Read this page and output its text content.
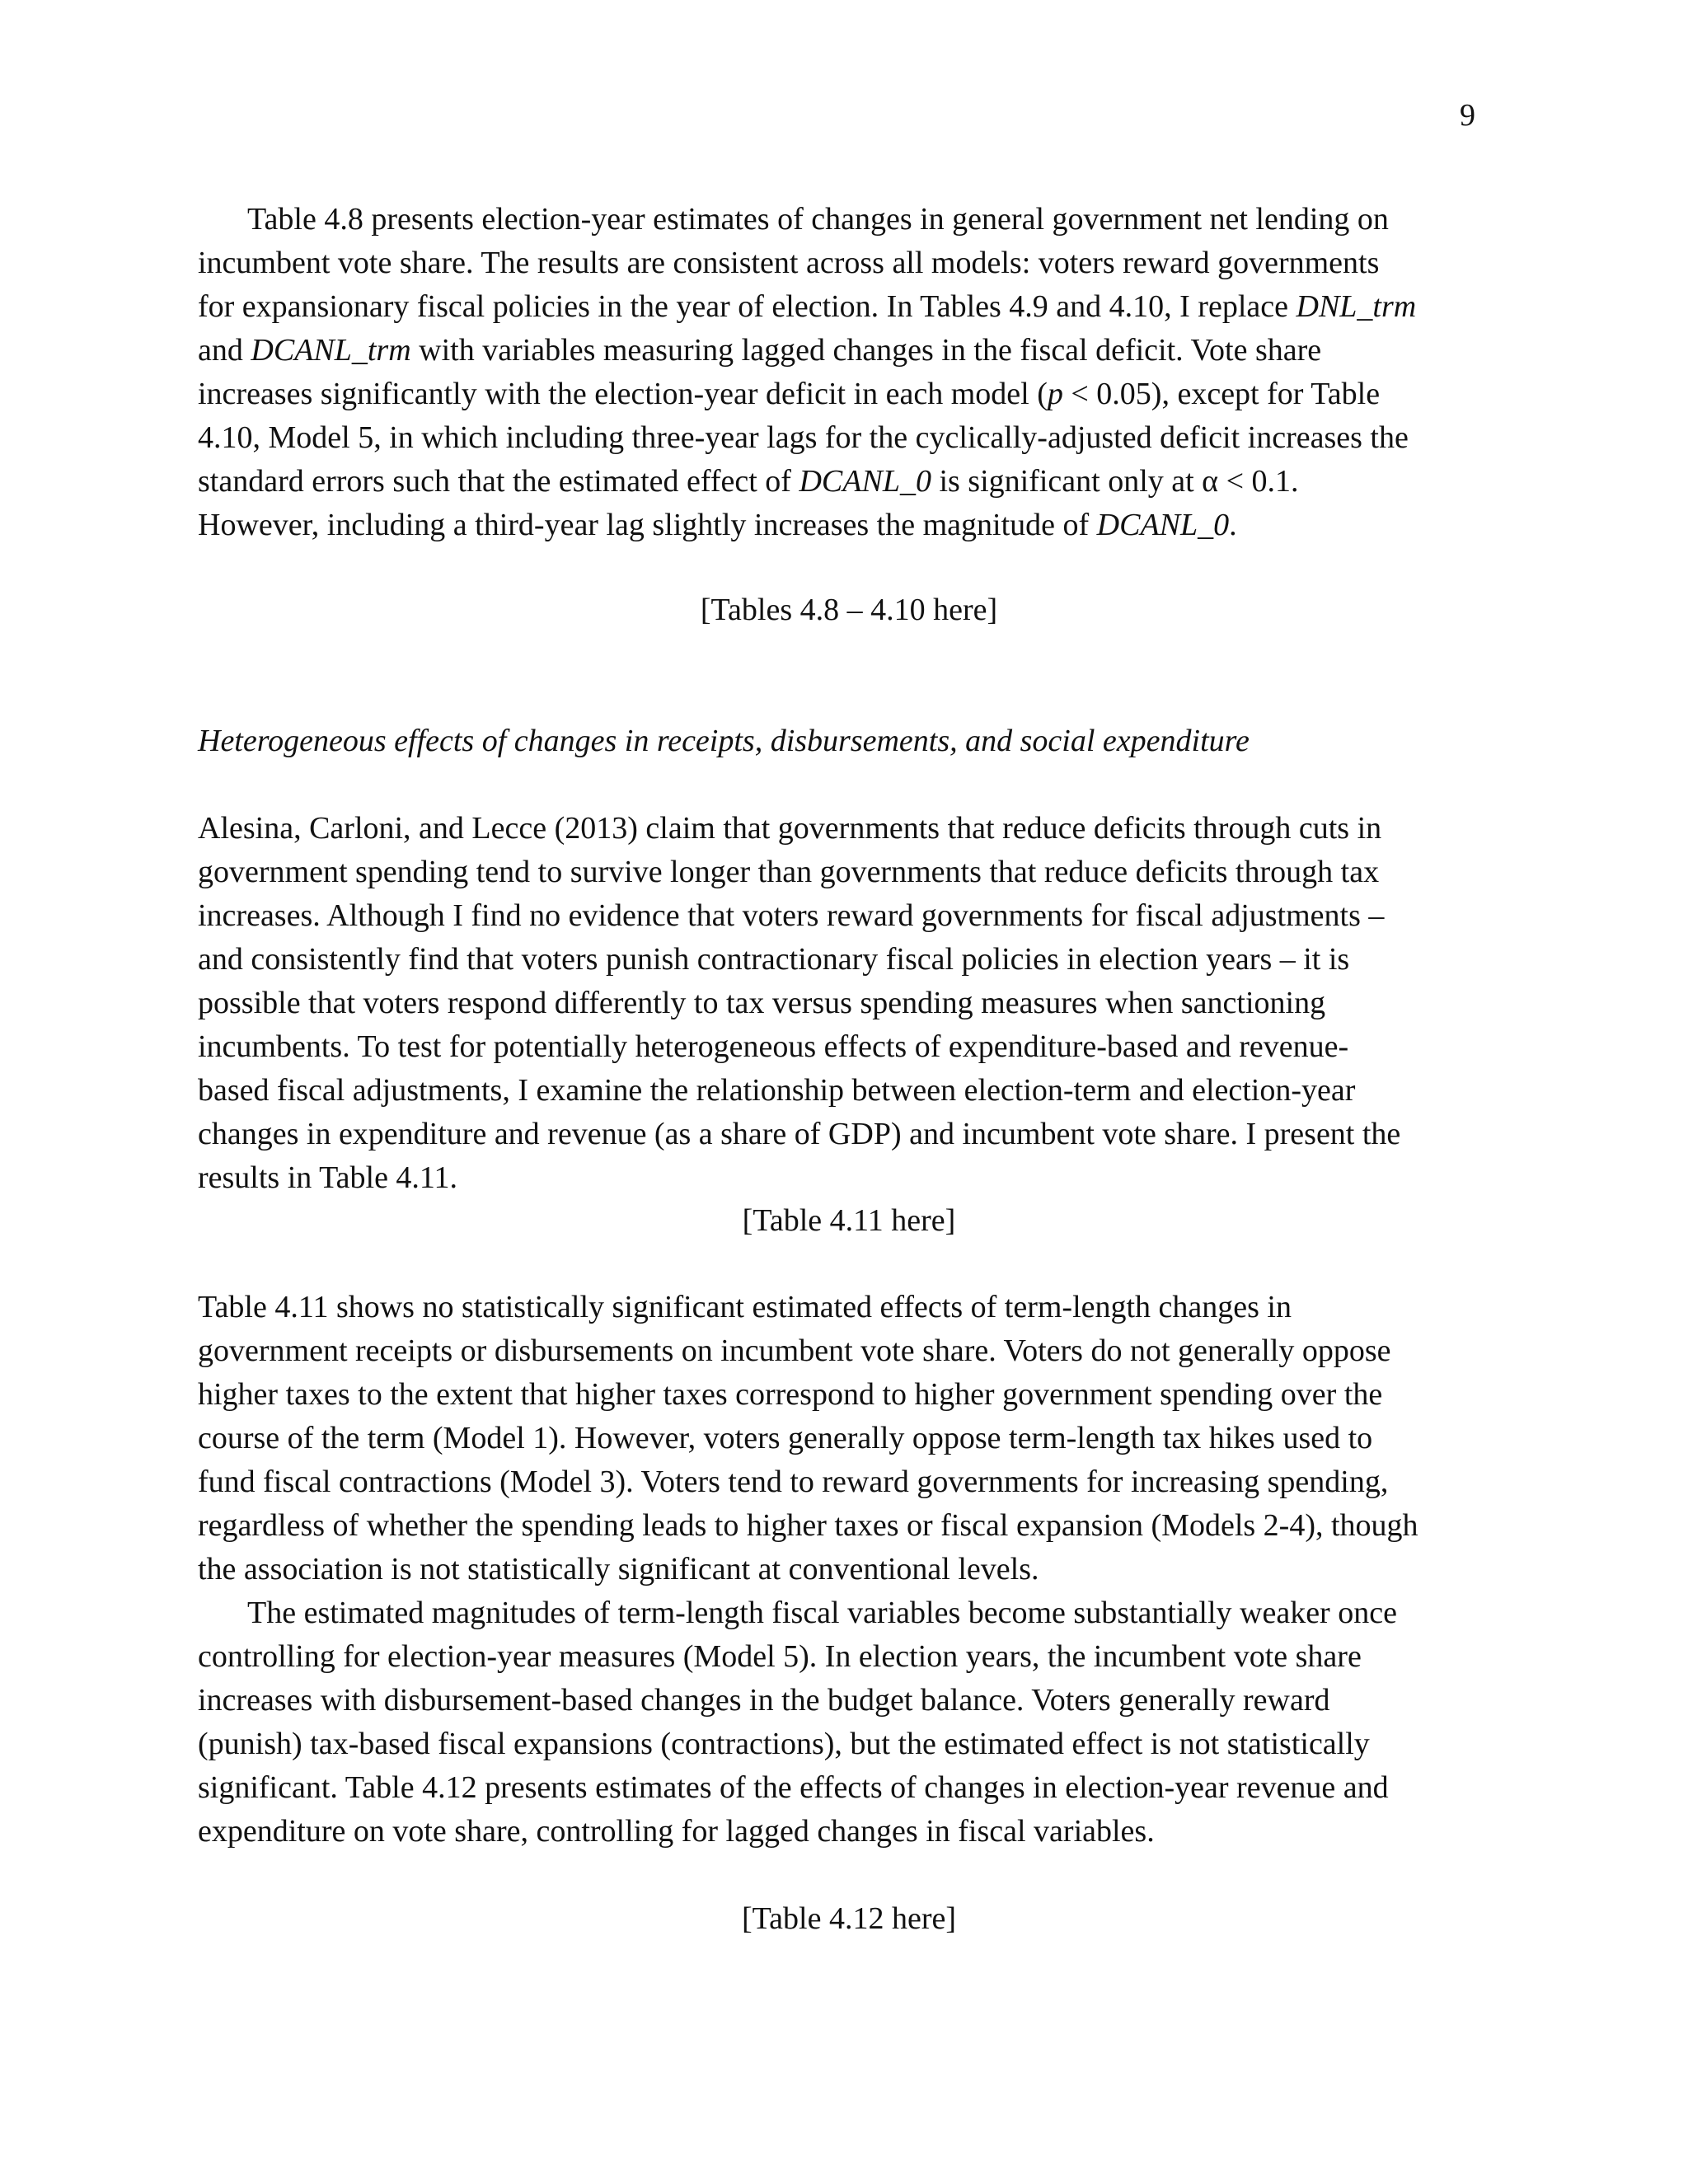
9
Table 4.8 presents election-year estimates of changes in general government net lending on
incumbent vote share. The results are consistent across all models: voters reward governments
for expansionary fiscal policies in the year of election. In Tables 4.9 and 4.10, I replace DNL_trm
and DCANL_trm with variables measuring lagged changes in the fiscal deficit. Vote share
increases significantly with the election-year deficit in each model (p < 0.05), except for Table
4.10, Model 5, in which including three-year lags for the cyclically-adjusted deficit increases the
standard errors such that the estimated effect of DCANL_0 is significant only at α < 0.1.
However, including a third-year lag slightly increases the magnitude of DCANL_0.
[Tables 4.8 – 4.10 here]
Heterogeneous effects of changes in receipts, disbursements, and social expenditure
Alesina, Carloni, and Lecce (2013) claim that governments that reduce deficits through cuts in
government spending tend to survive longer than governments that reduce deficits through tax
increases. Although I find no evidence that voters reward governments for fiscal adjustments –
and consistently find that voters punish contractionary fiscal policies in election years – it is
possible that voters respond differently to tax versus spending measures when sanctioning
incumbents. To test for potentially heterogeneous effects of expenditure-based and revenue-
based fiscal adjustments, I examine the relationship between election-term and election-year
changes in expenditure and revenue (as a share of GDP) and incumbent vote share. I present the
results in Table 4.11.
[Table 4.11 here]
Table 4.11 shows no statistically significant estimated effects of term-length changes in
government receipts or disbursements on incumbent vote share. Voters do not generally oppose
higher taxes to the extent that higher taxes correspond to higher government spending over the
course of the term (Model 1). However, voters generally oppose term-length tax hikes used to
fund fiscal contractions (Model 3). Voters tend to reward governments for increasing spending,
regardless of whether the spending leads to higher taxes or fiscal expansion (Models 2-4), though
the association is not statistically significant at conventional levels.
The estimated magnitudes of term-length fiscal variables become substantially weaker once
controlling for election-year measures (Model 5). In election years, the incumbent vote share
increases with disbursement-based changes in the budget balance. Voters generally reward
(punish) tax-based fiscal expansions (contractions), but the estimated effect is not statistically
significant. Table 4.12 presents estimates of the effects of changes in election-year revenue and
expenditure on vote share, controlling for lagged changes in fiscal variables.
[Table 4.12 here]
